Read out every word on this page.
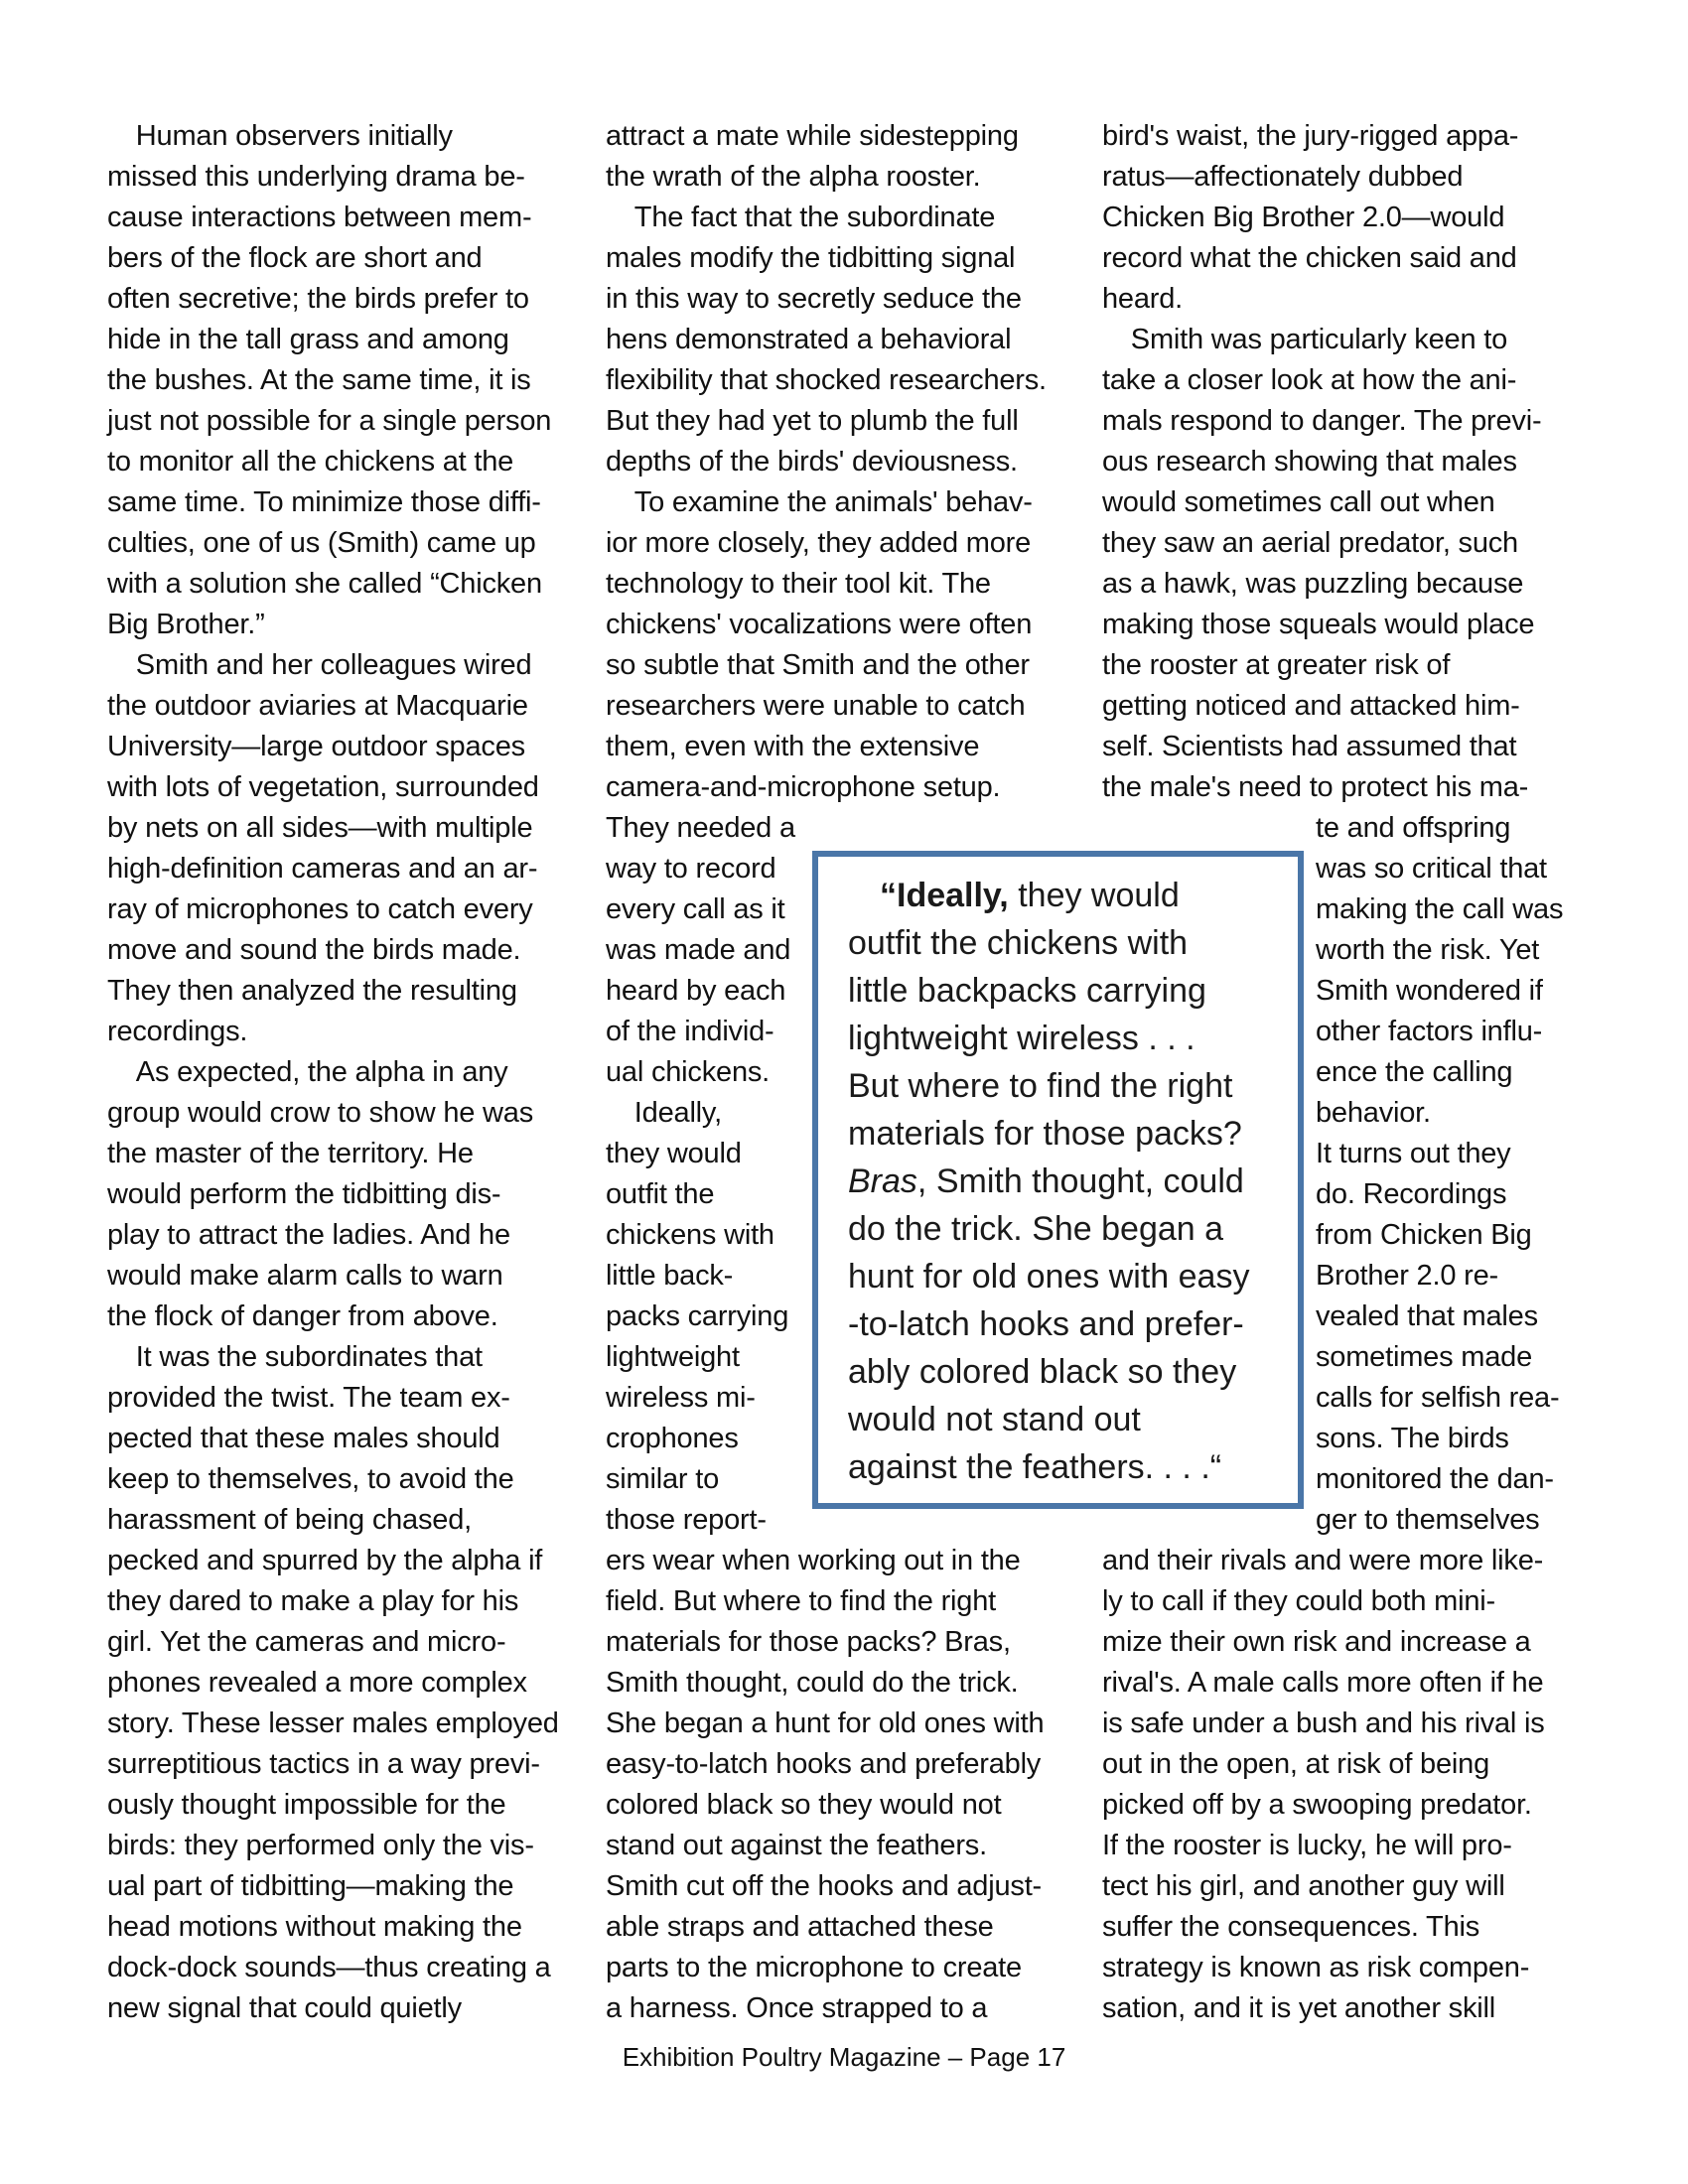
 Human observers initially
missed this underlying drama be-
cause interactions between mem-
bers of the flock are short and
often secretive; the birds prefer to
hide in the tall grass and among
the bushes. At the same time, it is
just not possible for a single person
to monitor all the chickens at the
same time. To minimize those diffi-
culties, one of us (Smith) came up
with a solution she called “Chicken
Big Brother.”
 Smith and her colleagues wired
the outdoor aviaries at Macquarie
University—large outdoor spaces
with lots of vegetation, surrounded
by nets on all sides—with multiple
high-definition cameras and an ar-
ray of microphones to catch every
move and sound the birds made.
They then analyzed the resulting
recordings.
 As expected, the alpha in any
group would crow to show he was
the master of the territory. He
would perform the tidbitting dis-
play to attract the ladies. And he
would make alarm calls to warn
the flock of danger from above.
 It was the subordinates that
provided the twist. The team ex-
pected that these males should
keep to themselves, to avoid the
harassment of being chased,
pecked and spurred by the alpha if
they dared to make a play for his
girl. Yet the cameras and micro-
phones revealed a more complex
story. These lesser males employed
surreptitious tactics in a way previ-
ously thought impossible for the
birds: they performed only the vis-
ual part of tidbitting—making the
head motions without making the
dock-dock sounds—thus creating a
new signal that could quietly
attract a mate while sidestepping
the wrath of the alpha rooster.
 The fact that the subordinate
males modify the tidbitting signal
in this way to secretly seduce the
hens demonstrated a behavioral
flexibility that shocked researchers.
But they had yet to plumb the full
depths of the birds' deviousness.
 To examine the animals' behav-
ior more closely, they added more
technology to their tool kit. The
chickens' vocalizations were often
so subtle that Smith and the other
researchers were unable to catch
them, even with the extensive
camera-and-microphone setup.
They needed a
way to record
every call as it
was made and
heard by each
of the individ-
ual chickens.
 Ideally,
they would
outfit the
chickens with
little back-
packs carrying
lightweight
wireless mi-
crophones
similar to
those report-
ers wear when working out in the
field. But where to find the right
materials for those packs? Bras,
Smith thought, could do the trick.
She began a hunt for old ones with
easy-to-latch hooks and preferably
colored black so they would not
stand out against the feathers.
Smith cut off the hooks and adjust-
able straps and attached these
parts to the microphone to create
a harness. Once strapped to a
bird's waist, the jury-rigged appa-
ratus—affectionately dubbed
Chicken Big Brother 2.0—would
record what the chicken said and
heard.
 Smith was particularly keen to
take a closer look at how the ani-
mals respond to danger. The previ-
ous research showing that males
would sometimes call out when
they saw an aerial predator, such
as a hawk, was puzzling because
making those squeals would place
the rooster at greater risk of
getting noticed and attacked him-
self. Scientists had assumed that
the male's need to protect his ma-
te and offspring
was so critical that
making the call was
worth the risk. Yet
Smith wondered if
other factors influ-
ence the calling
behavior.
It turns out they
do. Recordings
from Chicken Big
Brother 2.0 re-
vealed that males
sometimes made
calls for selfish rea-
sons. The birds
monitored the dan-
ger to themselves
and their rivals and were more like-
ly to call if they could both mini-
mize their own risk and increase a
rival's. A male calls more often if he
is safe under a bush and his rival is
out in the open, at risk of being
picked off by a swooping predator.
If the rooster is lucky, he will pro-
tect his girl, and another guy will
suffer the consequences. This
strategy is known as risk compen-
sation, and it is yet another skill
“Ideally, they would
outfit the chickens with
little backpacks carrying
lightweight wireless . . .
But where to find the right
materials for those packs?
Bras, Smith thought, could
do the trick. She began a
hunt for old ones with easy
-to-latch hooks and prefer-
ably colored black so they
would not stand out
against the feathers. . . .“
Exhibition Poultry Magazine – Page 17
